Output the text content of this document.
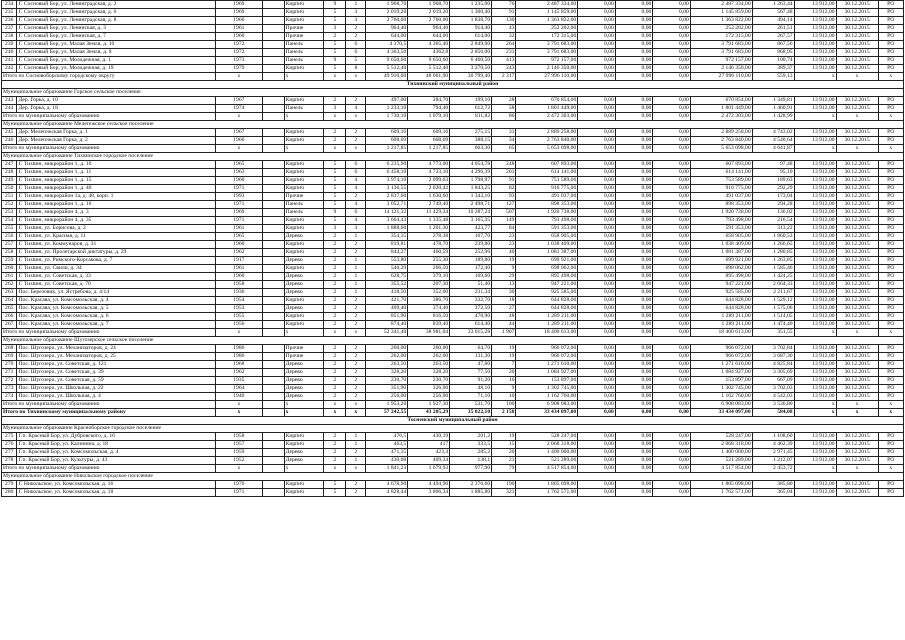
234	Г. Сосновый Бор, ул. Ленинградская, д. 2	1969		Кирпич	9	1	1 968,70	1 968,70	1 235,00	76	2 487 334,00	0,00	0,00	0,00	2 487 334,00	1 263,44	13 912,00	30.12.2015	РО
235	Г. Сосновый Бор, ул. Ленинградская, д. 6	1969		Кирпич	5	3	2 019,20	2 019,20	1 300,40	91	1 145 859,00	0,00	0,00	0,00	1 145 859,00	567,48	13 912,00	30.12.2015	РО
236	Г. Сосновый Бор, ул. Ленинградская, д. 8	1966		Кирпич	5	3	2 760,00	2 760,00	1 838,70	130	1 363 822,00	0,00	0,00	0,00	1 363 822,00	494,14	13 912,00	30.12.2015	РО
237	Г. Сосновый Бор, ул. Ленинская, д. 3	1961		Прочие	3	2	964,40	964,40	914,40	43	252 202,00	0,00	0,00	0,00	252 202,00	261,51	13 912,00	30.12.2015	РО
238	Г. Сосновый Бор, ул. Ленинская, д. 7	1960		Прочие	2	2	644,00	644,00	614,00	32	172 315,00	0,00	0,00	0,00	172 315,00	267,57	13 912,00	30.12.2015	РО
239	Г. Сосновый Бор, ул. Малая Земля, д. 10	1972		Панель	5	6	4 370,5	4 365,40	2 849,00	264	3 791 683,00	0,00	0,00	0,00	3 791 683,00	867,56	13 912,00	30.12.2015	РО
240	Г. Сосновый Бор, ул. Малая Земля, д. 8	1972		Панель	5	6	4 363,50	4362,8	2 856,00	231	3 791 683,00	0,00	0,00	0,00	3 791 683,00	868,95	13 912,00	30.12.2015	РО
241	Г. Сосновый Бор, ул. Молодежная, д. 1	1973		Панель	9	5	9 650,60	9 650,60	6 460,50	413	972 157,00	0,00	0,00	0,00	972 157,00	100,74	13 912,00	30.12.2015	РО
242	Г. Сосновый Бор, ул. Молодежная, д. 19	1979		Кирпич	5	8	5 512,40	5 512,40	3 270,50	243	2 146 350,00	0,00	0,00	0,00	2 146 350,00	389,37	13 912,00	30.12.2015	РО
Итого по Сосновоборскому городскому округу		x		x	x	x	49 910,00	48 061,90	30 799,40	2 317	27 996 110,00	0,00	0,00	0,00	27 996 110,00	559,13	x	x	x
Тихвинский муниципальный район																			
Муниципальное образование Горское сельское поселение																			
243	Дер. Горка, д. 10	1967		Кирпич	2	2	497,00	284,70	199,10	28	670 854,00	0,00	0,00	0,00	670 854,00	1 349,81	13 912,00	30.12.2015	РО
244	Дер. Горка, д. 18	1974		Панель	3	4	1 233,10	794,40	612,72	58	1 801 449,00	0,00	0,00	0,00	1 801 449,00	1 460,91	13 912,00	30.12.2015	РО
Итого по муниципальному образованию		x		x	x	x	1 730,10	1 079,10	811,82	86	2 472 303,00	0,00	0,00	0,00	2 472 303,00	1 428,99	x	x	x
Муниципальное образование Мелегежское сельское поселение																			
245	Дер. Мелегежская Горка, д. 1	1967		Кирпич	2	2	609,16	609,16	275,15	31	2 889 258,00	0,00	0,00	0,00	2 889 258,00	4 743,02	13 912,00	30.12.2015	РО
246	Дер. Мелегежская Горка, д. 2	1966		Кирпич	2	2	608,69	608,69	388,15	34	2 763 840,00	0,00	0,00	0,00	2 763 840,00	4 540,64	13 912,00	30.12.2015	РО
Итого по муниципальному образованию		x		x	x	x	1 217,85	1 217,85	663,30	65	5 653 098,00	0,00	0,00	0,00	5 653 098,00	4 641,87	x	x	x
Муниципальное образование Тихвинское городское поселение																			
247	Г. Тихвин, микрорайон 1, д. 10	1965		Кирпич	5	6	6 235,90	4 773,00	4 054,78	248	607 893,00	0,00	0,00	0,00	607 893,00	97,48	13 912,00	30.12.2015	РО
248	Г. Тихвин, микрорайон 1, д. 11	1963		Кирпич	5	6	6 458,10	4 723,10	4 296,39	201	614 141,00	0,00	0,00	0,00	614 141,00	95,10	13 912,00	30.12.2015	РО
249	Г. Тихвин, микрорайон 1, д. 15	1960		Кирпич	5	4	3 974,10	2 099,63	1 798,97	91	753 589,00	0,00	0,00	0,00	753 589,00	189,63	13 912,00	30.12.2015	РО
250	Г. Тихвин, микрорайон 1, д. 40	1971		Кирпич	5	4	3 136,55	2 020,42	1 843,25	82	916 775,00	0,00	0,00	0,00	916 775,00	292,29	13 912,00	30.12.2015	РО
251	Г. Тихвин, микрорайон 1а, д. 48, корп. 1	1993		Прочие	5	2	2 837,60	1 630,60	1 343,10	93	491 037,00	0,00	0,00	0,00	491 037,00	173,04	13 912,00	30.12.2015	РО
252	Г. Тихвин, микрорайон 1, д. 16	1971		Панель	5	4	3 052,71	2 749,40	2 498,71	127	898 353,00	0,00	0,00	0,00	898 353,00	294,28	13 912,00	30.12.2015	РО
253	Г. Тихвин, микрорайон 4, д. 3	1969		Панель	9	6	14 121,32	11 429,34	10 287,24	507	1 920 738,00	0,00	0,00	0,00	1 920 738,00	136,02	13 912,00	30.12.2015	РО
254	Г. Тихвин, микрорайон 4, д. 35	1971		Кирпич	5	4	3 664,43	1 335,48	3 165,35	149	793 498,00	0,00	0,00	0,00	793 498,00	216,54	13 912,00	30.12.2015	РО
255	Г. Тихвин, ул. Борисова, д. 2	1961		Кирпич	3	3	1 888,60	1 201,30	423,77	84	591 353,00	0,00	0,00	0,00	591 353,00	313,22	13 912,00	30.12.2015	РО
256	Г. Тихвин, ул. Красная, д. 11	1965		Дерево	2	1	354,15	278,38	167,70	23	658 905,00	0,00	0,00	0,00	658 905,00	1 860,53	13 912,00	30.12.2015	РО
257	Г. Тихвин, ул. Коммунаров, д. 31	1960		Кирпич	2	2	819,81	478,70	239,80	23	1 038 409,00	0,00	0,00	0,00	1 038 409,00	1 266,65	13 912,00	30.12.2015	РО
258	Г. Тихвин, ул. Пролетарской диктатуры, д. 29	1962		Кирпич	2	2	844,27	460,59	252,96	40	1 081 387,00	0,00	0,00	0,00	1 081 387,00	1 280,85	13 912,00	30.12.2015	РО
259	Г. Тихвин, ул. Римского-Корсакова, д. 7	1917		Дерево	2	1	553,80	255,30	189,80	19	699 921,00	0,00	0,00	0,00	699 921,00	1 263,85	13 912,00	30.12.2015	РО
260	Г. Тихвин, ул. Свили, д. 34	1961		Кирпич	2	1	540,29	266,50	172,40	9	698 062,00	0,00	0,00	0,00	698 062,00	1 585,46	13 912,00	30.12.2015	РО
261	Г. Тихвин, ул. Советская, д. 33	1960		Дерево	2	1	628,75	379,10	169,60	29	895 498,00	0,00	0,00	0,00	895 498,00	1 424,25	13 912,00	30.12.2015	РО
262	Г. Тихвин, ул. Советская, д. 70	1958		Дерево	2	1	355,52	207,30	51,40	13	947 221,00	0,00	0,00	0,00	947 221,00	2 664,33	13 912,00	30.12.2015	РО
263	Пос. Березовик, ул. Ястребова, д. 4/14	1936		Дерево	2	1	418,50	352,00	231,34	30	925 585,00	0,00	0,00	0,00	925 585,00	2 211,67	13 912,00	30.12.2015	РО
264	Пос. Красава, ул. Комсомольская, д. 4	1954		Кирпич	2	2	421,70	386,70	332,70	18	644 828,00	0,00	0,00	0,00	644 828,00	1 529,12	13 912,00	30.12.2015	РО
265	Пос. Красава, ул. Комсомольская, д. 5	1953		Дерево	2	2	409,40	374,40	372,50	27	644 828,00	0,00	0,00	0,00	644 828,00	1 575,06	13 912,00	30.12.2015	РО
266	Пос. Красава, ул. Комсомольская, д. 6	1955		Кирпич	2	2	851,90	816,50	478,90	48	1 289 211,00	0,00	0,00	0,00	1 289 211,00	1 514,05	13 912,00	30.12.2015	РО
267	Пос. Красава, ул. Комсомольская, д. 7	1956		Кирпич	2	2	874,40	839,40	614,40	44	1 289 211,00	0,00	0,00	0,00	1 289 211,00	1 474,40	13 912,00	30.12.2015	РО
Итого по муниципальному образованию		x		x	x	x	52 341,40	38 981,04	33 015,28	1 907	18 400 613,00	0,00	0,00	0,00	18 400 613,00	351,55	x	x	x
Муниципальное образование Шугозерское сельское поселение																			
268	Пос. Шугозеро, ул. Механизаторов, д. 24	1986		Прочие	2	2	260,00	260,00	64,70	19	966 072,00	0,00	0,00	0,00	966 072,00	3 702,84	13 912,00	30.12.2015	РО
269	Пос. Шугозеро, ул. Механизаторов, д. 25	1986		Прочие	2	2	262,00	262,00	131,30	19	966 072,00	0,00	0,00	0,00	966 072,00	3 687,30	13 912,00	30.12.2015	РО
270	Пос. Шугозеро, ул. Советская, д. 121	1968		Дерево	2	2	263,50	263,50	47,80	7	1 271 610,00	0,00	0,00	0,00	1 271 610,00	4 825,84	13 912,00	30.12.2015	РО
271	Пос. Шугозеро, ул. Советская, д. 39	1962		Дерево	2	2	328,20	328,20	77,50	20	1 084 927,00	0,00	0,00	0,00	1 084 927,00	3 305,69	13 912,00	30.12.2015	РО
272	Пос. Шугозеро, ул. Советская, д. 59	1935		Дерево	2	2	230,70	230,70	91,20	16	153 897,00	0,00	0,00	0,00	153 897,00	667,09	13 912,00	30.12.2015	РО
273	Пос. Шугозеро, ул. Школьная, д. 22	1964		Дерево	2	2	351,90	326,00	48,10	9	1 302 745,00	0,00	0,00	0,00	1 302 745,00	3 702,03	13 912,00	30.12.2015	РО
274	Пос. Шугозеро, ул. Школьная, д. 4	1940		Дерево	2	2	256,00	256,00	71,10	10	1 162 760,00	0,00	0,00	0,00	1 162 760,00	4 542,03	13 912,00	30.12.2015	РО
Итого по муниципальному образованию		x		x	x	x	1 953,20	1 927,30	531,70	100	6 908 083,00	0,00	0,00	0,00	6 908 083,00	3 536,80	x	x	x
Итого по Тихвинскому муниципальному району		x		x	x	x	57 242,55	43 205,29	35 022,10	2 158	33 434 097,00	0,00	0,00	0,00	33 434 097,00	584,08	x	x	x
Тосненский муниципальный район																			
Муниципальное образование Красноборское городское поселение																			
275	Г.п. Красный Бор, ул. Дубровского, д. 16	1958		Кирпич	2	1	476,5	430,19	201,2	19	528 247,00	0,00	0,00	0,00	528 247,00	1 108,60	13 912,00	30.12.2015	РО
276	Г.п. Красный Бор, ул. Калинина, д. 18	1957		Кирпич	2	1	463,5	417	333,5	15	2 068 318,00	0,00	0,00	0,00	2 068 318,00	4 462,39	13 912,00	30.12.2015	РО
277	Г.п. Красный Бор, ул. Комсомольская, д. 4	1959		Дерево	2	2	471,15	423,4	285,2	20	1 400 000,00	0,00	0,00	0,00	1 400 000,00	2 971,45	13 912,00	30.12.2015	РО
278	Г.п. Красный Бор, ул. Культуры, д. 43	1952		Дерево	2	1	430,08	409,34	138,1	21	521 289,00	0,00	0,00	0,00	521 289,00	1 212,07	13 912,00	30.12.2015	РО
Итого по муниципальному образованию		x		x	x	x	1 841,23	1 679,93	977,90	79	4 517 854,00	0,00	0,00	0,00	4 517 854,00	2 453,72	x	x	x
Муниципальное образование Никольское городское поселение																			
279	Г. Никольское, ул. Комсомольская, д. 16	1970		Кирпич	5	2	4 678,90	4 494,90	2 376,60	190	1 805 098,00	0,00	0,00	0,00	1 805 098,00	385,80	13 912,00	30.12.2015	РО
280	Г. Никольское, ул. Комсомольская, д. 18	1971		Кирпич	5	2	4 828,44	3 806,34	1 885,80	321	1 762 571,00	0,00	0,00	0,00	1 762 571,00	365,04	13 912,00	30.12.2015	РО
